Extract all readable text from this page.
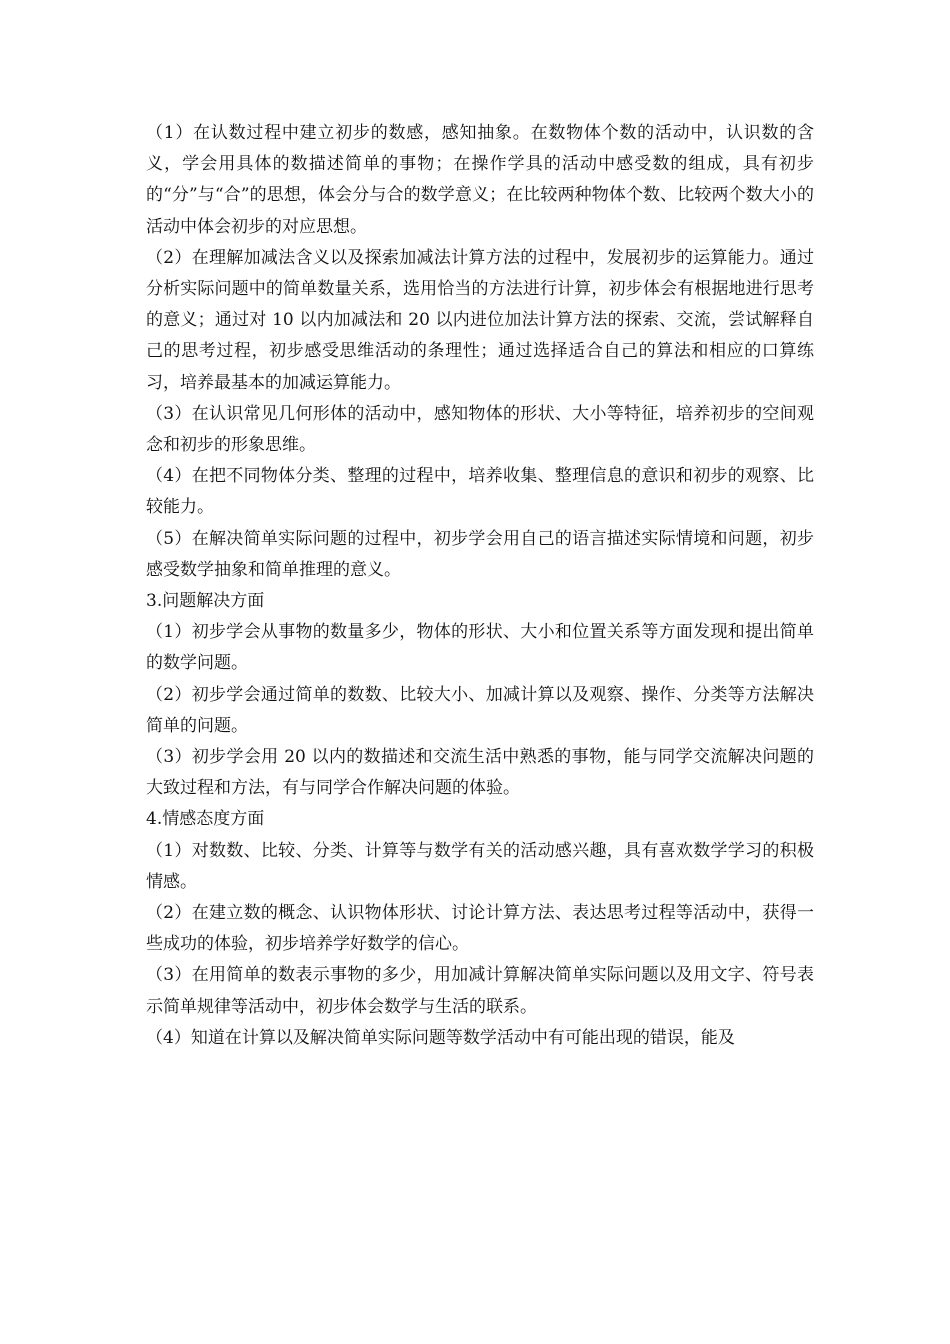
（1）在认数过程中建立初步的数感，感知抽象。在数物体个数的活动中，认识数的含义，学会用具体的数描述简单的事物；在操作学具的活动中感受数的组成，具有初步的“分”与“合”的思想，体会分与合的数学意义；在比较两种物体个数、比较两个数大小的活动中体会初步的对应思想。

（2）在理解加减法含义以及探索加减法计算方法的过程中，发展初步的运算能力。通过分析实际问题中的简单数量关系，选用恰当的方法进行计算，初步体会有根据地进行思考的意义；通过对 10 以内加减法和 20 以内进位加法计算方法的探索、交流，尝试解释自己的思考过程，初步感受思维活动的条理性；通过选择适合自己的算法和相应的口算练习，培养最基本的加减运算能力。

（3）在认识常见几何形体的活动中，感知物体的形状、大小等特征，培养初步的空间观念和初步的形象思维。

（4）在把不同物体分类、整理的过程中，培养收集、整理信息的意识和初步的观察、比较能力。

（5）在解决简单实际问题的过程中，初步学会用自己的语言描述实际情境和问题，初步感受数学抽象和简单推理的意义。

3.问题解决方面

（1）初步学会从事物的数量多少，物体的形状、大小和位置关系等方面发现和提出简单的数学问题。

（2）初步学会通过简单的数数、比较大小、加减计算以及观察、操作、分类等方法解决简单的问题。

（3）初步学会用 20 以内的数描述和交流生活中熟悉的事物，能与同学交流解决问题的大致过程和方法，有与同学合作解决问题的体验。

4.情感态度方面

（1）对数数、比较、分类、计算等与数学有关的活动感兴趣，具有喜欢数学学习的积极情感。

（2）在建立数的概念、认识物体形状、讨论计算方法、表达思考过程等活动中，获得一些成功的体验，初步培养学好数学的信心。

（3）在用简单的数表示事物的多少，用加减计算解决简单实际问题以及用文字、符号表示简单规律等活动中，初步体会数学与生活的联系。

（4）知道在计算以及解决简单实际问题等数学活动中有可能出现的错误，能及
